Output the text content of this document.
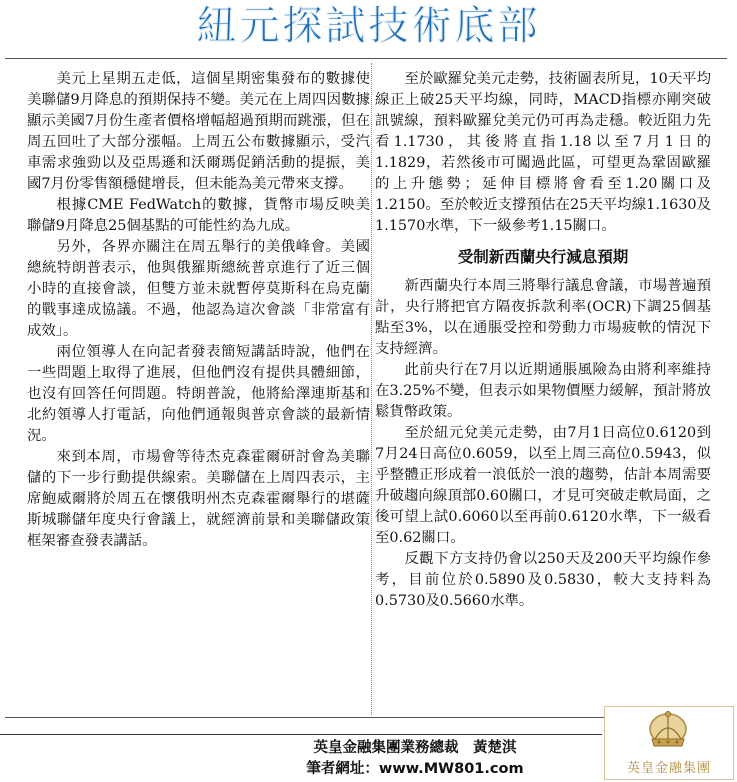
紐元探試技術底部

美元上星期五走低，這個星期密集發布的數據使美聯儲9月降息的預期保持不變。美元在上周四因數據顯示美國7月份生產者價格增幅超過預期而跳漲，但在周五回吐了大部分漲幅。上周五公布數據顯示，受汽車需求強勁以及亞馬遜和沃爾瑪促銷活動的提振，美國7月份零售額穩健增長，但未能為美元帶來支撐。

根據CME FedWatch的數據，貨幣市場反映美聯儲9月降息25個基點的可能性約為九成。

另外，各界亦關注在周五舉行的美俄峰會。美國總統特朗普表示，他與俄羅斯總統普京進行了近三個小時的直接會談，但雙方並未就暫停莫斯科在烏克蘭的戰事達成協議。不過，他認為這次會談「非常富有成效」。

兩位領導人在向記者發表簡短講話時說，他們在一些問題上取得了進展，但他們沒有提供具體細節，也沒有回答任何問題。特朗普說，他將給澤連斯基和北約領導人打電話，向他們通報與普京會談的最新情況。

來到本周，市場會等待杰克森霍爾研討會為美聯儲的下一步行動提供線索。美聯儲在上周四表示，主席鮑威爾將於周五在懷俄明州杰克森霍爾舉行的堪薩斯城聯儲年度央行會議上，就經濟前景和美聯儲政策框架審查發表講話。

至於歐羅兌美元走勢，技術圖表所見，10天平均線正上破25天平均線，同時，MACD指標亦剛突破訊號線，預料歐羅兌美元仍可再為走穩。較近阻力先看1.1730，其後將直指1.18以至7月1日的1.1829，若然後市可闖過此區，可望更為鞏固歐羅的上升態勢；延伸目標將會看至1.20關口及1.2150。至於較近支撐預估在25天平均線1.1630及1.1570水準，下一級參考1.15關口。

受制新西蘭央行減息預期

新西蘭央行本周三將舉行議息會議，市場普遍預計，央行將把官方隔夜拆款利率(OCR)下調25個基點至3%，以在通脹受控和勞動力市場疲軟的情況下支持經濟。

此前央行在7月以近期通脹風險為由將利率維持在3.25%不變，但表示如果物價壓力緩解，預計將放鬆貨幣政策。

至於紐元兌美元走勢，由7月1日高位0.6120到7月24日高位0.6059，以至上周三高位0.5943，似乎整體正形成着一浪低於一浪的趨勢，估計本周需要升破趨向線頂部0.60關口，才見可突破走軟局面，之後可望上試0.6060以至再前0.6120水準，下一級看至0.62關口。

反觀下方支持仍會以250天及200天平均線作參考，目前位於0.5890及0.5830，較大支持料為0.5730及0.5660水準。

英皇金融集團業務總裁　黃楚淇
筆者網址：www.MW801.com	英皇金融集團
